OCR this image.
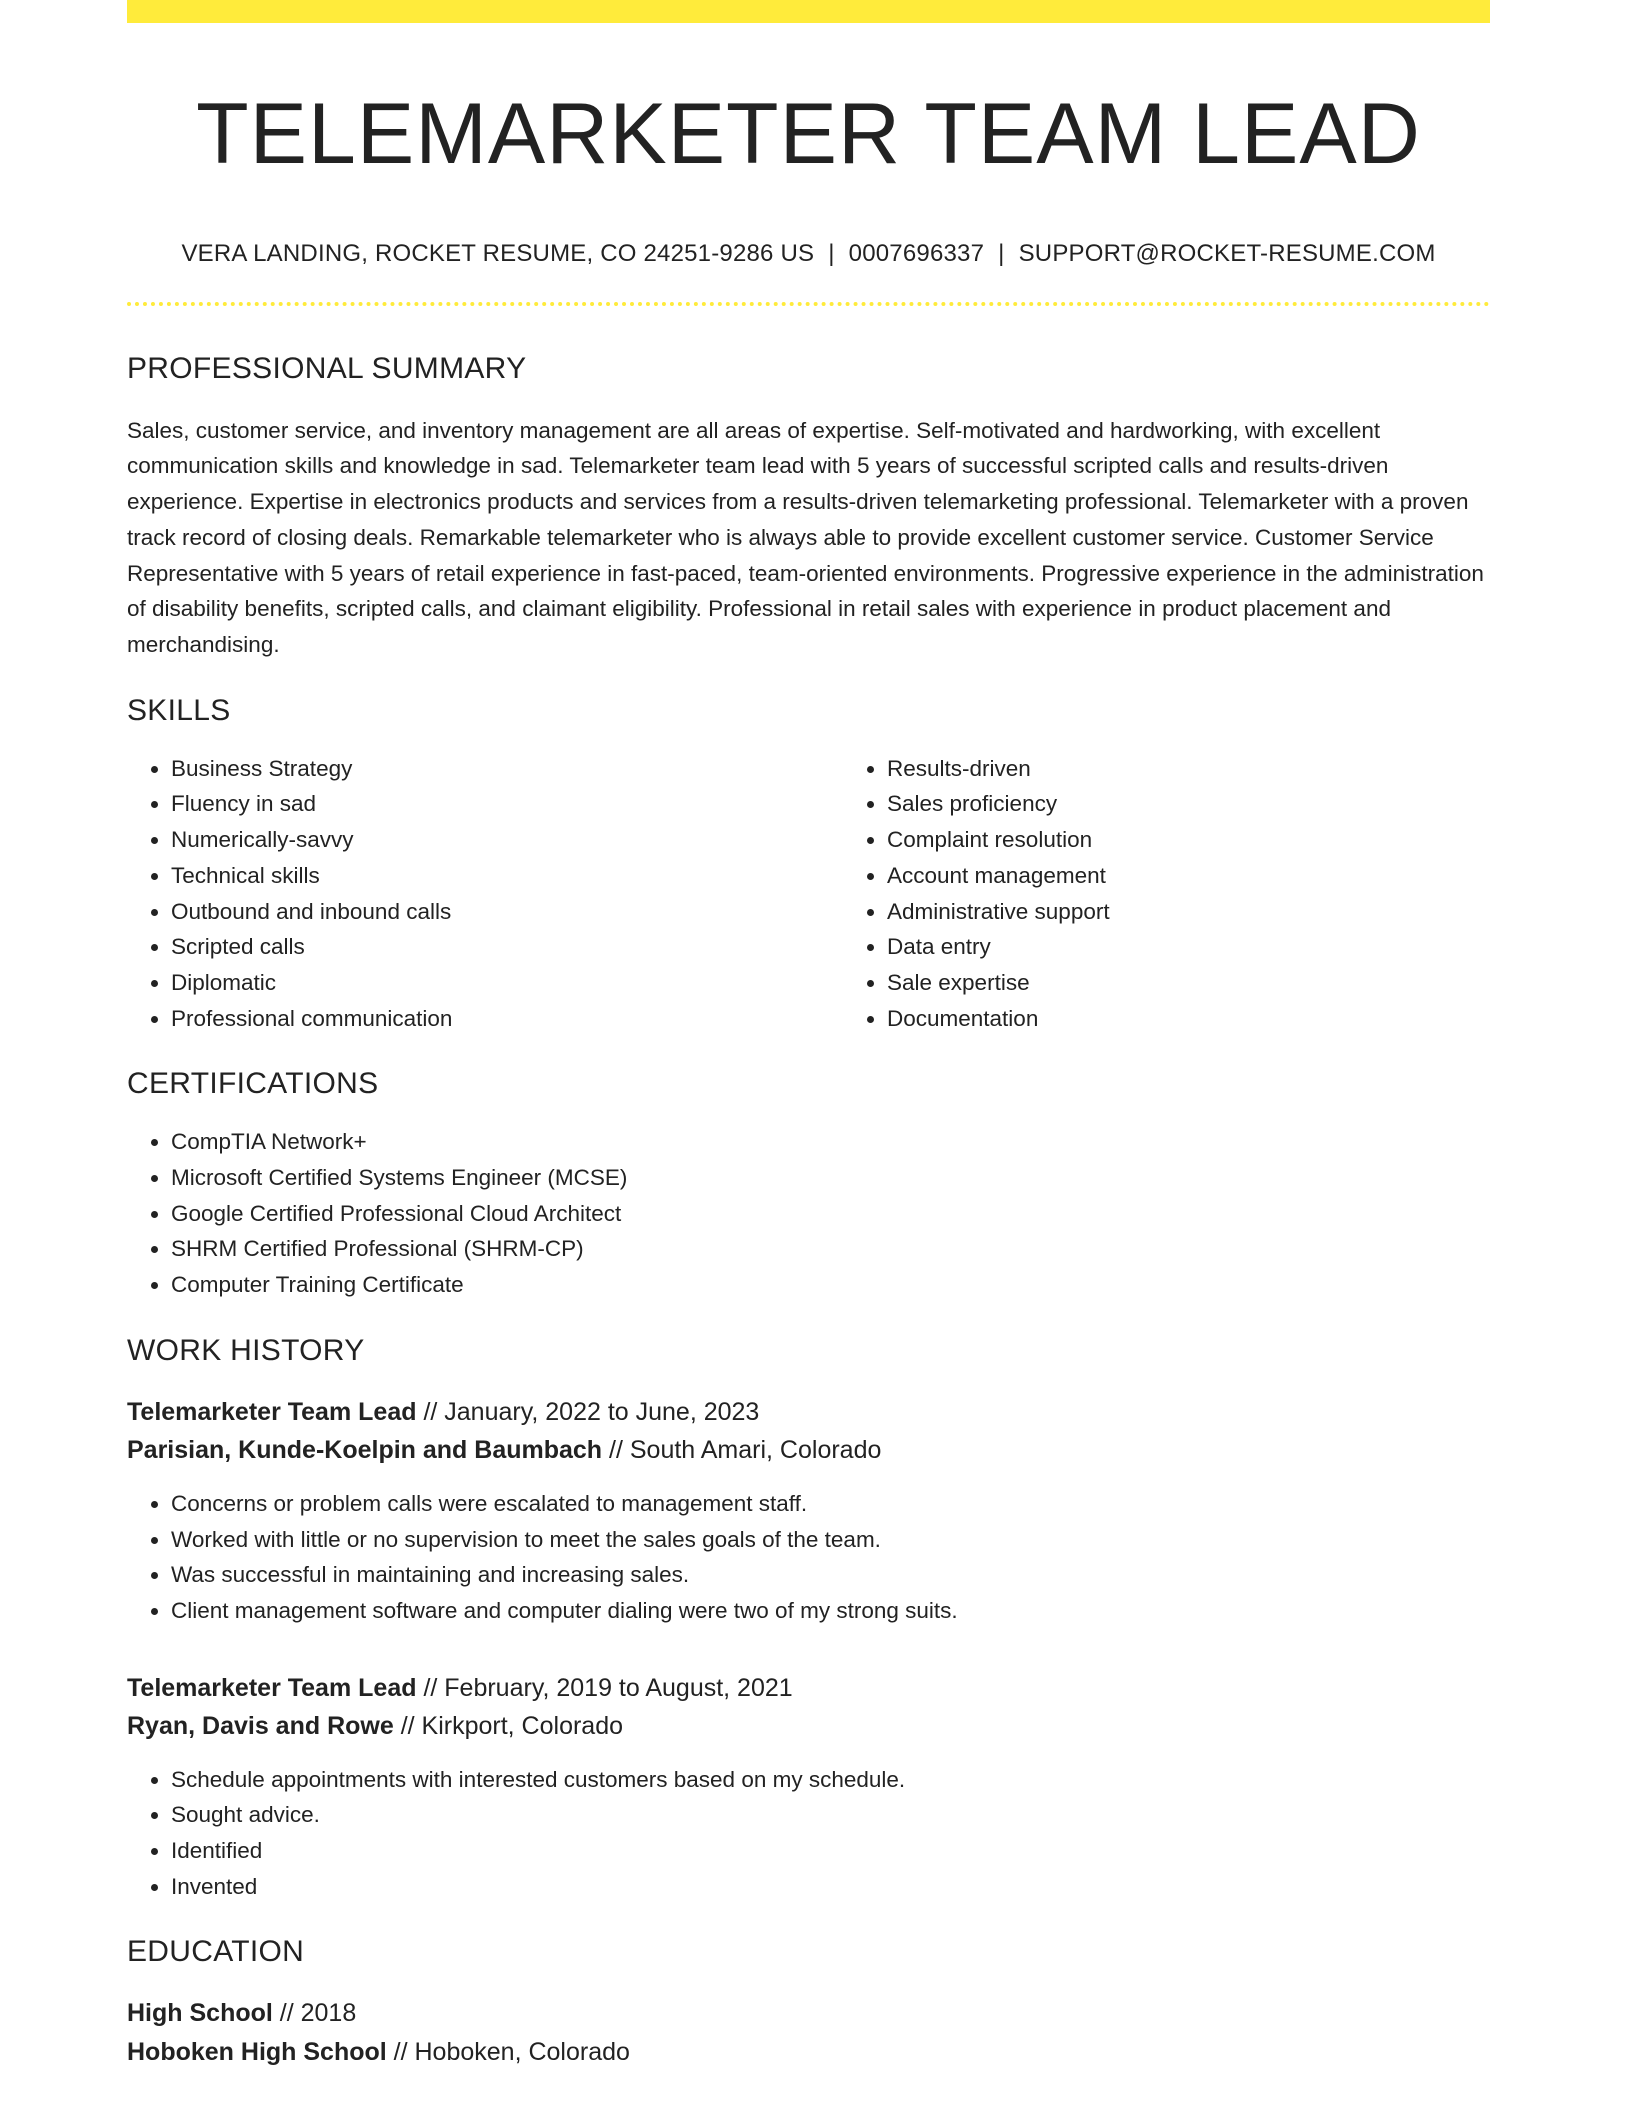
TELEMARKETER TEAM LEAD
VERA LANDING, ROCKET RESUME, CO 24251-9286 US | 0007696337 | SUPPORT@ROCKET-RESUME.COM
PROFESSIONAL SUMMARY

Sales, customer service, and inventory management are all areas of expertise. Self-motivated and hardworking, with excellent communication skills and knowledge in sad. Telemarketer team lead with 5 years of successful scripted calls and results-driven experience. Expertise in electronics products and services from a results-driven telemarketing professional. Telemarketer with a proven track record of closing deals. Remarkable telemarketer who is always able to provide excellent customer service. Customer Service Representative with 5 years of retail experience in fast-paced, team-oriented environments. Progressive experience in the administration of disability benefits, scripted calls, and claimant eligibility. Professional in retail sales with experience in product placement and merchandising.

SKILLS
• Business Strategy
• Fluency in sad
• Numerically-savvy
• Technical skills
• Outbound and inbound calls
• Scripted calls
• Diplomatic
• Professional communication
• Results-driven
• Sales proficiency
• Complaint resolution
• Account management
• Administrative support
• Data entry
• Sale expertise
• Documentation
CERTIFICATIONS
• CompTIA Network+
• Microsoft Certified Systems Engineer (MCSE)
• Google Certified Professional Cloud Architect
• SHRM Certified Professional (SHRM-CP)
• Computer Training Certificate
WORK HISTORY
Telemarketer Team Lead // January, 2022 to June, 2023
Parisian, Kunde-Koelpin and Baumbach // South Amari, Colorado
• Concerns or problem calls were escalated to management staff.
• Worked with little or no supervision to meet the sales goals of the team.
• Was successful in maintaining and increasing sales.
• Client management software and computer dialing were two of my strong suits.
Telemarketer Team Lead // February, 2019 to August, 2021
Ryan, Davis and Rowe // Kirkport, Colorado
• Schedule appointments with interested customers based on my schedule.
• Sought advice.
• Identified
• Invented
EDUCATION
High School // 2018
Hoboken High School // Hoboken, Colorado
